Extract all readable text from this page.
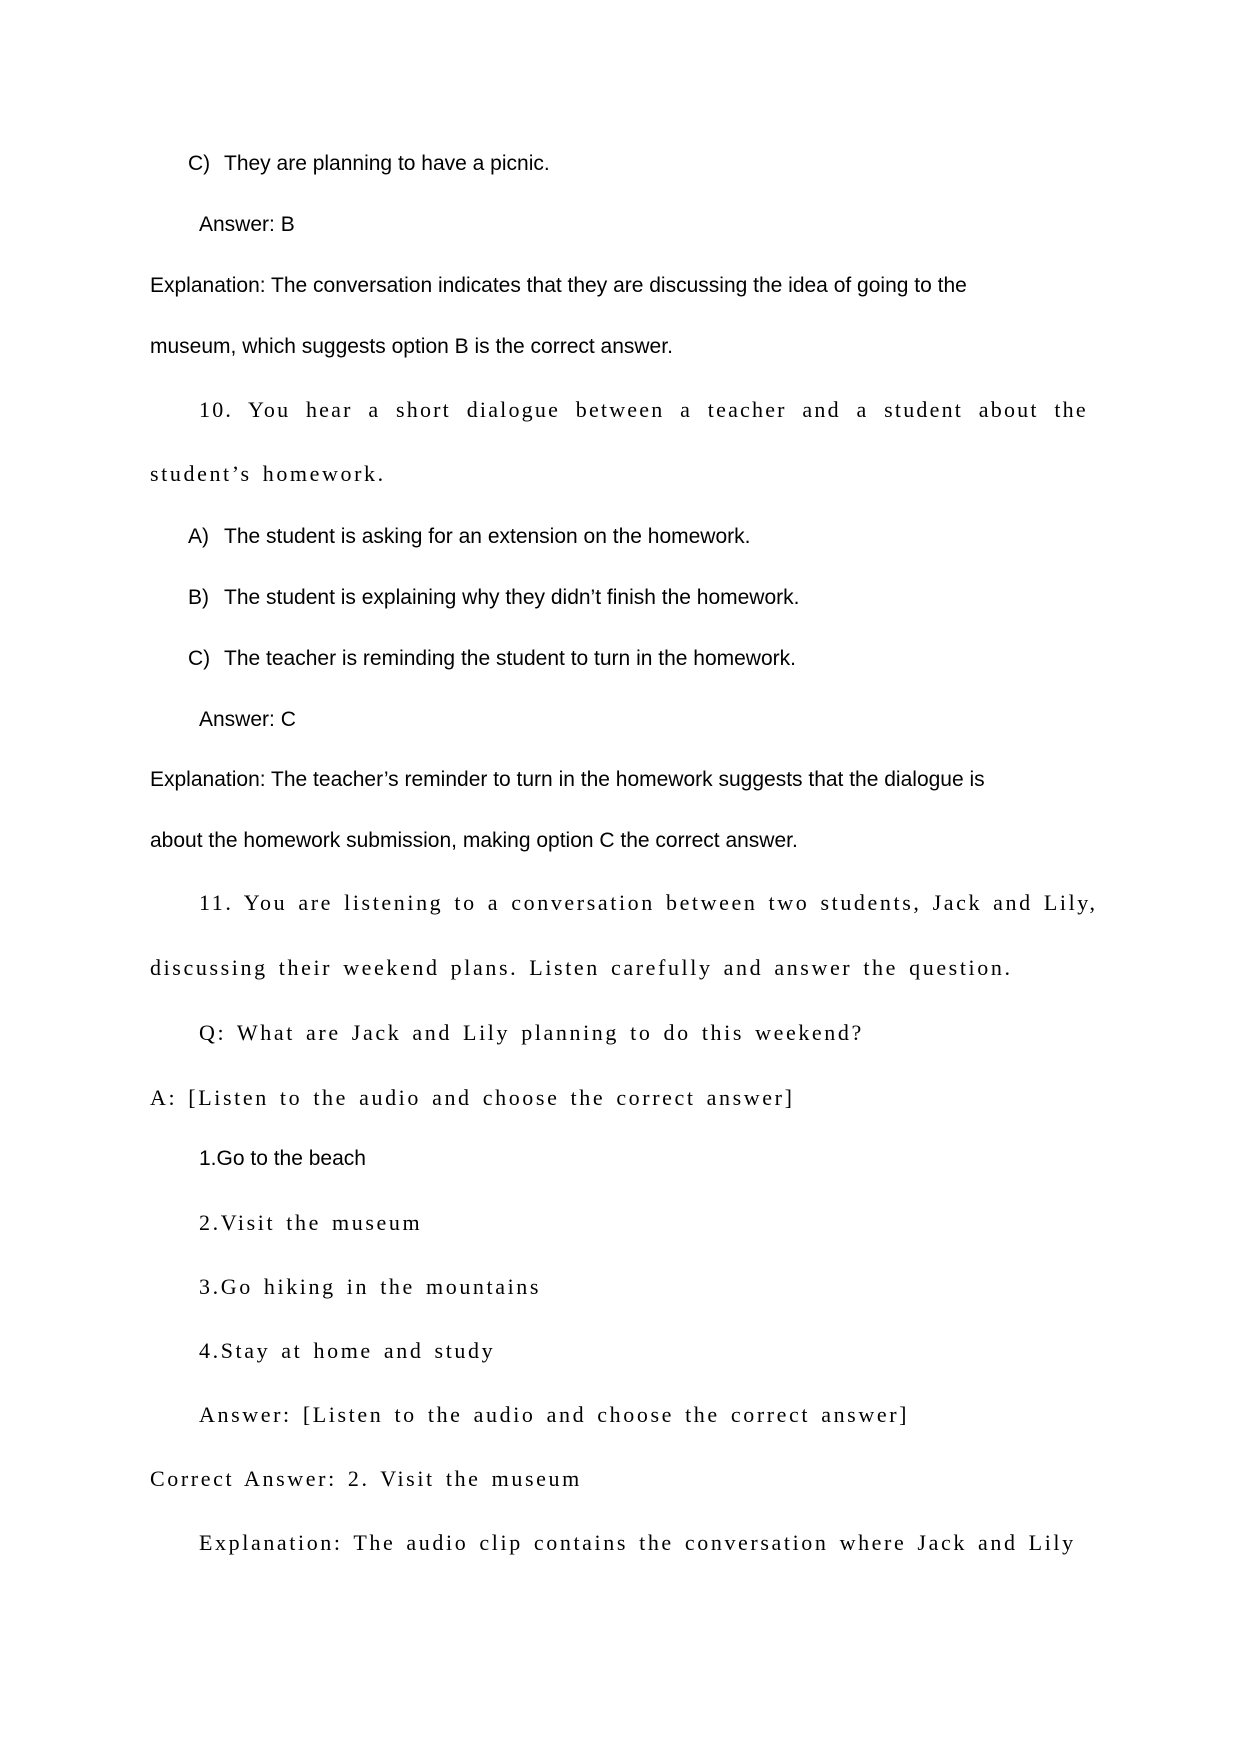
C) They are planning to have a picnic.

Answer: B

Explanation: The conversation indicates that they are discussing the idea of going to the

museum, which suggests option B is the correct answer.

10. You hear a short dialogue between a teacher and a student about the

student’s homework.

A) The student is asking for an extension on the homework.

B) The student is explaining why they didn’t finish the homework.

C) The teacher is reminding the student to turn in the homework.

Answer: C

Explanation: The teacher’s reminder to turn in the homework suggests that the dialogue is

about the homework submission, making option C the correct answer.

11. You are listening to a conversation between two students, Jack and Lily,

discussing their weekend plans. Listen carefully and answer the question.

Q: What are Jack and Lily planning to do this weekend?

A: [Listen to the audio and choose the correct answer]

1.Go to the beach

2.Visit the museum

3.Go hiking in the mountains

4.Stay at home and study

Answer: [Listen to the audio and choose the correct answer]

Correct Answer: 2. Visit the museum

Explanation: The audio clip contains the conversation where Jack and Lily
